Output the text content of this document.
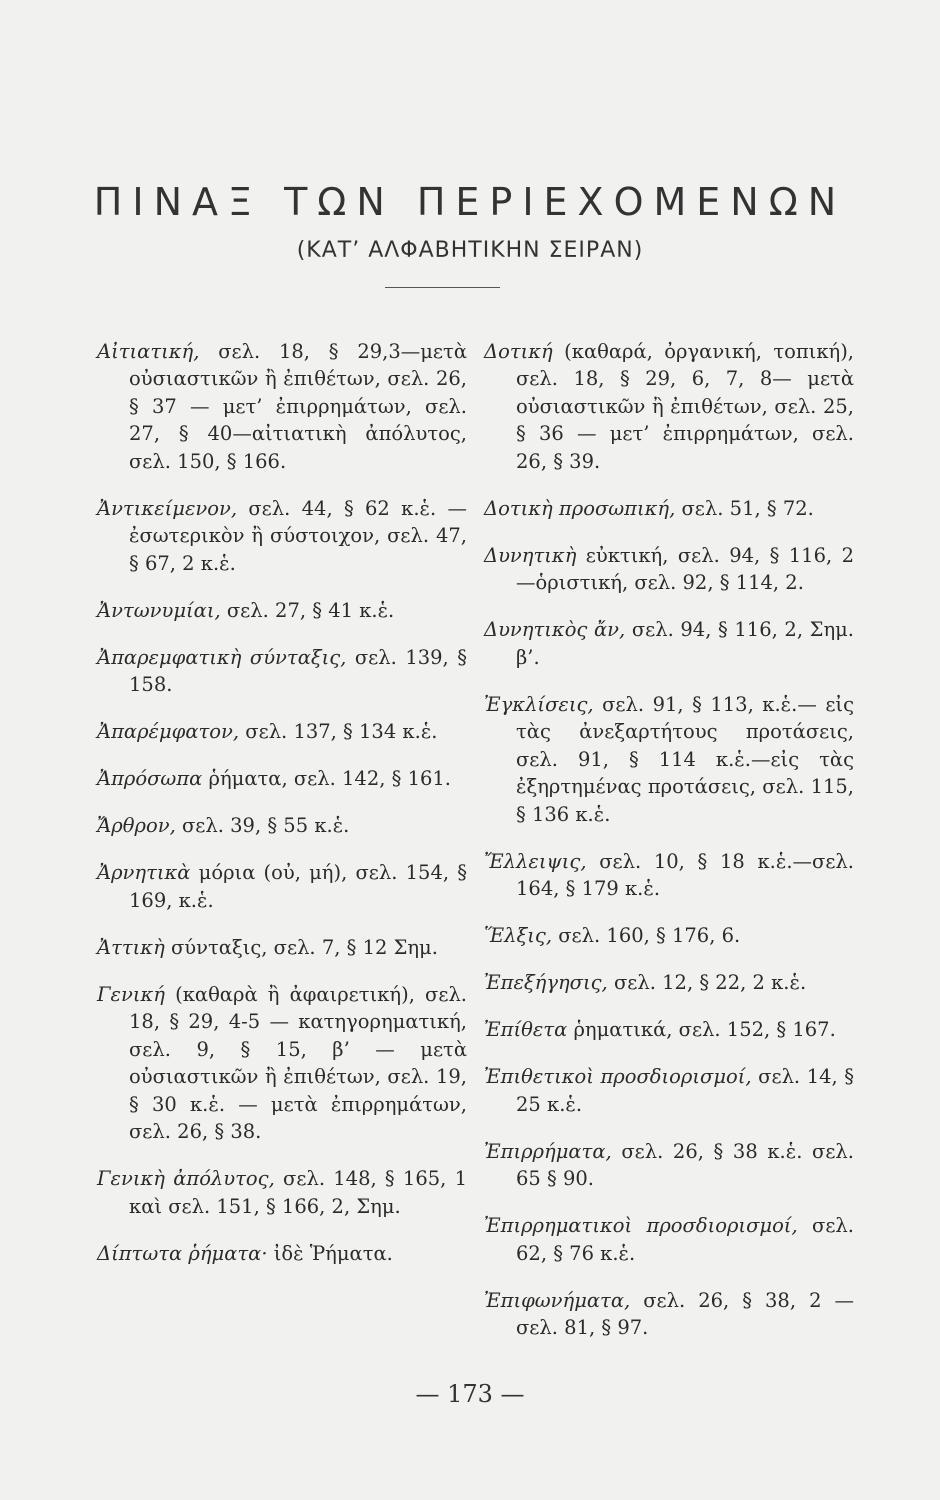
ΠΙΝΑΞ ΤΩΝ ΠΕΡΙΕΧΟΜΕΝΩΝ
(ΚΑΤ’ ΑΛΦΑΒΗΤΙΚΗΝ ΣΕΙΡΑΝ)

Αἰτιατική, σελ. 18, § 29,3—μετὰ οὐσιαστικῶν ἢ ἐπιθέτων, σελ. 26, § 37 — μετ’ ἐπιρρημάτων, σελ. 27, § 40—αἰτιατικὴ ἀπόλυτος, σελ. 150, § 166.

Ἀντικείμενον, σελ. 44, § 62 κ.ἑ. —ἐσωτερικὸν ἢ σύστοιχον, σελ. 47, § 67, 2 κ.ἑ.

Ἀντωνυμίαι, σελ. 27, § 41 κ.ἑ.

Ἀπαρεμφατικὴ σύνταξις, σελ. 139, § 158.

Ἀπαρέμφατον, σελ. 137, § 134 κ.ἑ.

Ἀπρόσωπα ῥήματα, σελ. 142, § 161.

Ἄρθρον, σελ. 39, § 55 κ.ἑ.

Ἀρνητικὰ μόρια (οὐ, μή), σελ. 154, § 169, κ.ἑ.

Ἀττικὴ σύνταξις, σελ. 7, § 12 Σημ.

Γενική (καθαρὰ ἢ ἀφαιρετική), σελ. 18, § 29, 4-5 — κατηγορηματική, σελ. 9, § 15, β’ — μετὰ οὐσιαστικῶν ἢ ἐπιθέτων, σελ. 19, § 30 κ.ἑ. — μετὰ ἐπιρρημάτων, σελ. 26, § 38.

Γενικὴ ἀπόλυτος, σελ. 148, § 165, 1 καὶ σελ. 151, § 166, 2, Σημ.

Δίπτωτα ῥήματα· ἰδὲ Ῥήματα.

Δοτική (καθαρά, ὀργανική, τοπική), σελ. 18, § 29, 6, 7, 8— μετὰ οὐσιαστικῶν ἢ ἐπιθέτων, σελ. 25, § 36 — μετ’ ἐπιρρημάτων, σελ. 26, § 39.

Δοτικὴ προσωπική, σελ. 51, § 72.

Δυνητικὴ εὐκτική, σελ. 94, § 116, 2—ὁριστική, σελ. 92, § 114, 2.

Δυνητικὸς ἄν, σελ. 94, § 116, 2, Σημ. β’.

Ἐγκλίσεις, σελ. 91, § 113, κ.ἑ.— εἰς τὰς ἀνεξαρτήτους προτάσεις, σελ. 91, § 114 κ.ἑ.—εἰς τὰς ἐξηρτημένας προτάσεις, σελ. 115, § 136 κ.ἑ.

Ἔλλειψις, σελ. 10, § 18 κ.ἑ.—σελ. 164, § 179 κ.ἑ.

Ἕλξις, σελ. 160, § 176, 6.

Ἐπεξήγησις, σελ. 12, § 22, 2 κ.ἑ.

Ἐπίθετα ῥηματικά, σελ. 152, § 167.

Ἐπιθετικοὶ προσδιορισμοί, σελ. 14, § 25 κ.ἑ.

Ἐπιρρήματα, σελ. 26, § 38 κ.ἑ. σελ. 65 § 90.

Ἐπιρρηματικοὶ προσδιορισμοί, σελ. 62, § 76 κ.ἑ.

Ἐπιφωνήματα, σελ. 26, § 38, 2 — σελ. 81, § 97.

— 173 —
